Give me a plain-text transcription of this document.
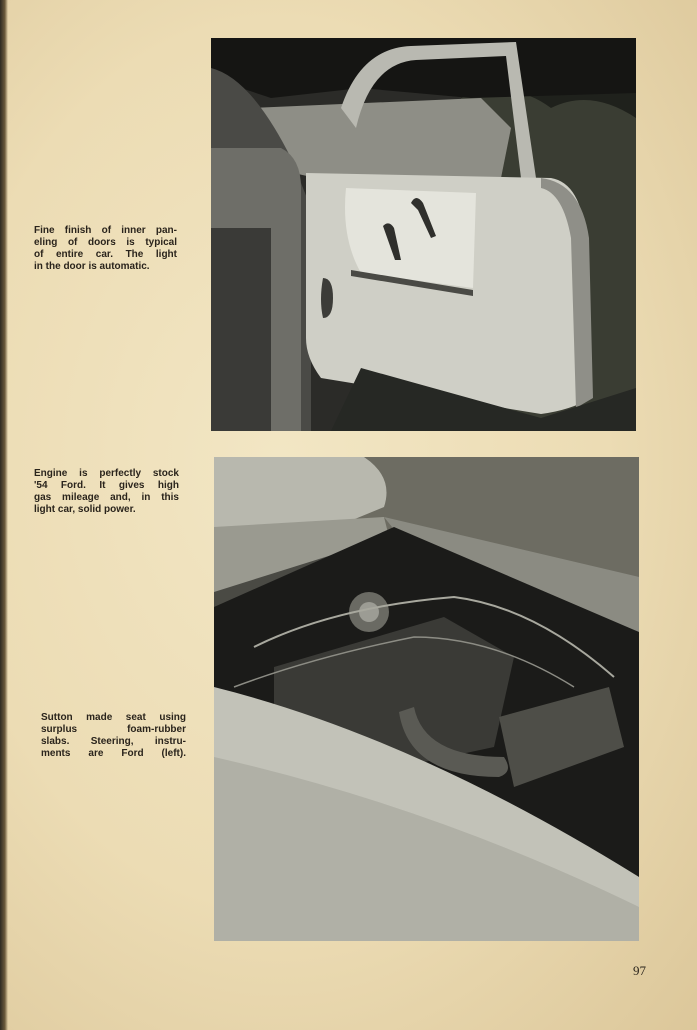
Fine finish of inner pan-
eling of doors is typical
of entire car. The light
in the door is automatic.
Engine is perfectly stock
'54 Ford. It gives high
gas mileage and, in this
light car, solid power.
Sutton made seat using
surplus foam-rubber
slabs. Steering, instru-
ments are Ford (left).
97
